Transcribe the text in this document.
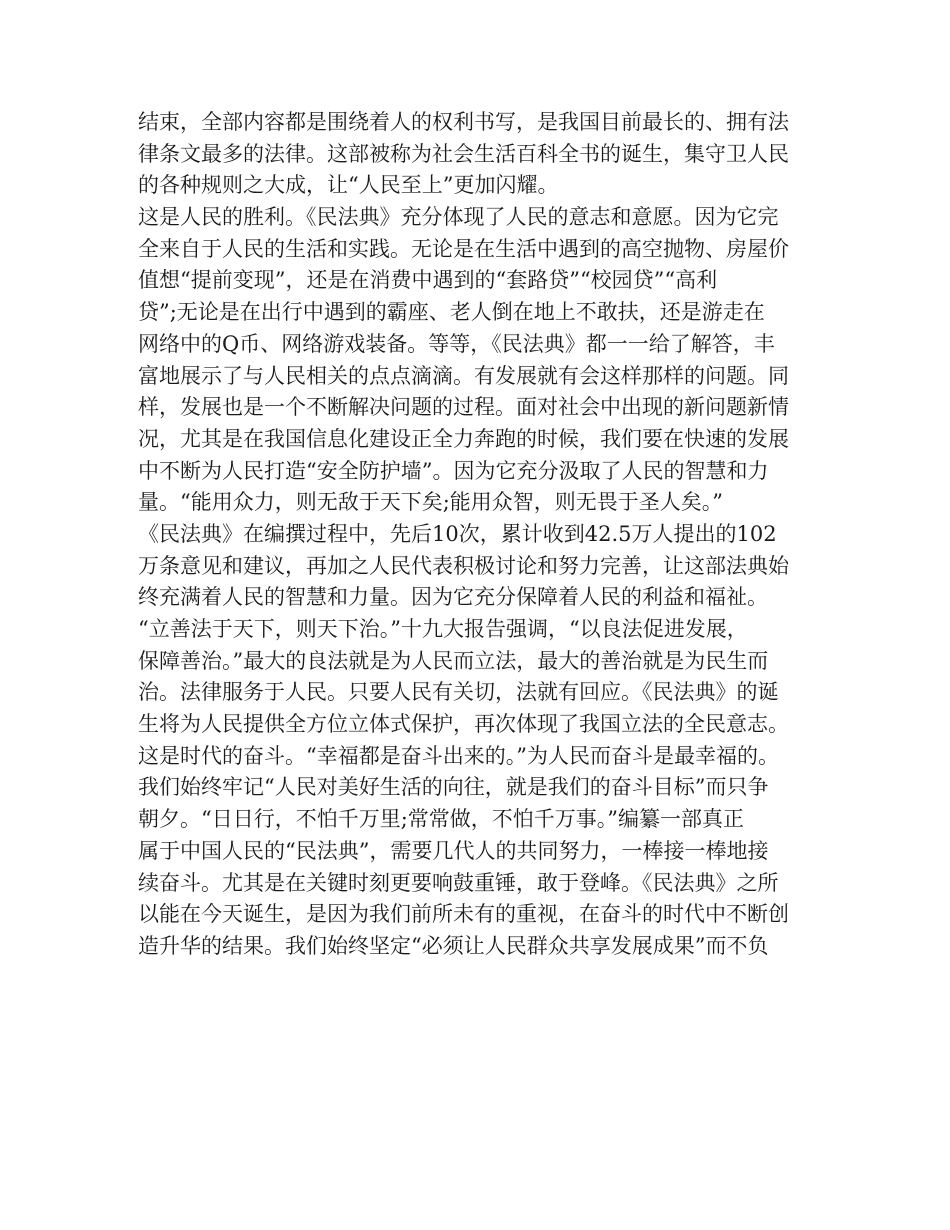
结束，全部内容都是围绕着人的权利书写，是我国目前最长的、拥有法
律条文最多的法律。这部被称为社会生活百科全书的诞生，集守卫人民
的各种规则之大成，让“人民至上”更加闪耀。
这是人民的胜利。《民法典》充分体现了人民的意志和意愿。因为它完
全来自于人民的生活和实践。无论是在生活中遇到的高空抛物、房屋价
值想“提前变现”，还是在消费中遇到的“套路贷”“校园贷”“高利
贷”;无论是在出行中遇到的霸座、老人倒在地上不敢扶，还是游走在
网络中的Q币、网络游戏装备。等等，《民法典》都一一给了解答，丰
富地展示了与人民相关的点点滴滴。有发展就有会这样那样的问题。同
样，发展也是一个不断解决问题的过程。面对社会中出现的新问题新情
况，尤其是在我国信息化建设正全力奔跑的时候，我们要在快速的发展
中不断为人民打造“安全防护墙”。因为它充分汲取了人民的智慧和力
量。“能用众力，则无敌于天下矣;能用众智，则无畏于圣人矣。”
《民法典》在编撰过程中，先后10次，累计收到42.5万人提出的102
万条意见和建议，再加之人民代表积极讨论和努力完善，让这部法典始
终充满着人民的智慧和力量。因为它充分保障着人民的利益和福祉。
“立善法于天下，则天下治。”十九大报告强调，“以良法促进发展，
保障善治。”最大的良法就是为人民而立法，最大的善治就是为民生而
治。法律服务于人民。只要人民有关切，法就有回应。《民法典》的诞
生将为人民提供全方位立体式保护，再次体现了我国立法的全民意志。
这是时代的奋斗。“幸福都是奋斗出来的。”为人民而奋斗是最幸福的。
我们始终牢记“人民对美好生活的向往，就是我们的奋斗目标”而只争
朝夕。“日日行，不怕千万里;常常做，不怕千万事。”编纂一部真正
属于中国人民的“民法典”，需要几代人的共同努力，一棒接一棒地接
续奋斗。尤其是在关键时刻更要响鼓重锤，敢于登峰。《民法典》之所
以能在今天诞生，是因为我们前所未有的重视，在奋斗的时代中不断创
造升华的结果。我们始终坚定“必须让人民群众共享发展成果”而不负
